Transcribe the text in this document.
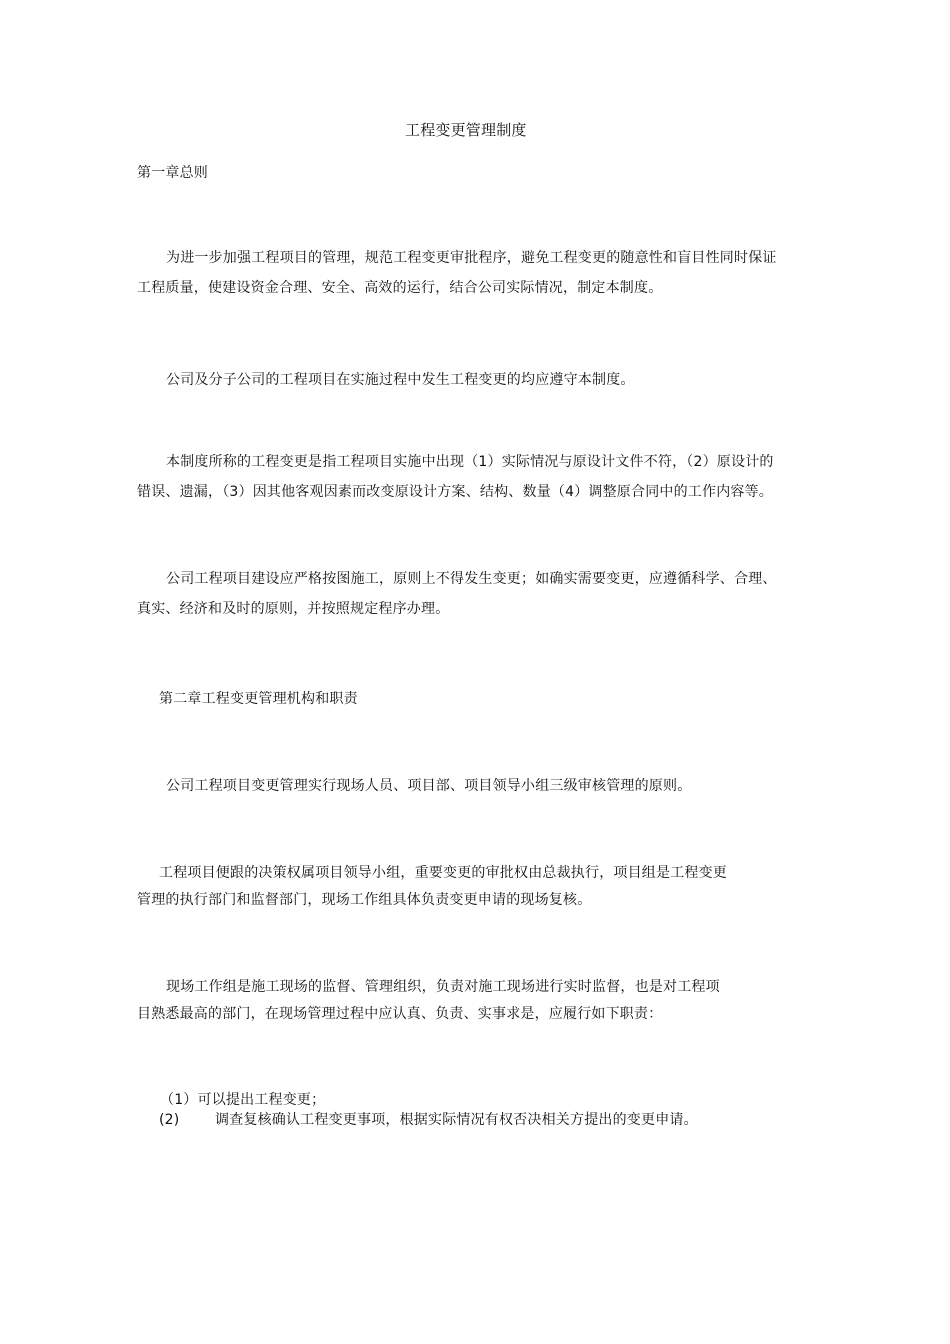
工程变更管理制度
第一章总则
为进一步加强工程项目的管理，规范工程变更审批程序，避免工程变更的随意性和盲目性同时保证
工程质量，使建设资金合理、安全、高效的运行，结合公司实际情况，制定本制度。
公司及分子公司的工程项目在实施过程中发生工程变更的均应遵守本制度。
本制度所称的工程变更是指工程项目实施中出现（1）实际情况与原设计文件不符，（2）原设计的
错误、遗漏，（3）因其他客观因素而改变原设计方案、结构、数量（4）调整原合同中的工作内容等。
公司工程项目建设应严格按图施工，原则上不得发生变更；如确实需要变更，应遵循科学、合理、
真实、经济和及时的原则，并按照规定程序办理。
第二章工程变更管理机构和职责
公司工程项目变更管理实行现场人员、项目部、项目领导小组三级审核管理的原则。
工程项目便跟的决策权属项目领导小组，重要变更的审批权由总裁执行，项目组是工程变更
管理的执行部门和监督部门，现场工作组具体负责变更申请的现场复核。
现场工作组是施工现场的监督、管理组织，负责对施工现场进行实时监督，也是对工程项
目熟悉最高的部门，在现场管理过程中应认真、负责、实事求是，应履行如下职责：
（1）可以提出工程变更；
(2)	调查复核确认工程变更事项，根据实际情况有权否决相关方提出的变更申请。
